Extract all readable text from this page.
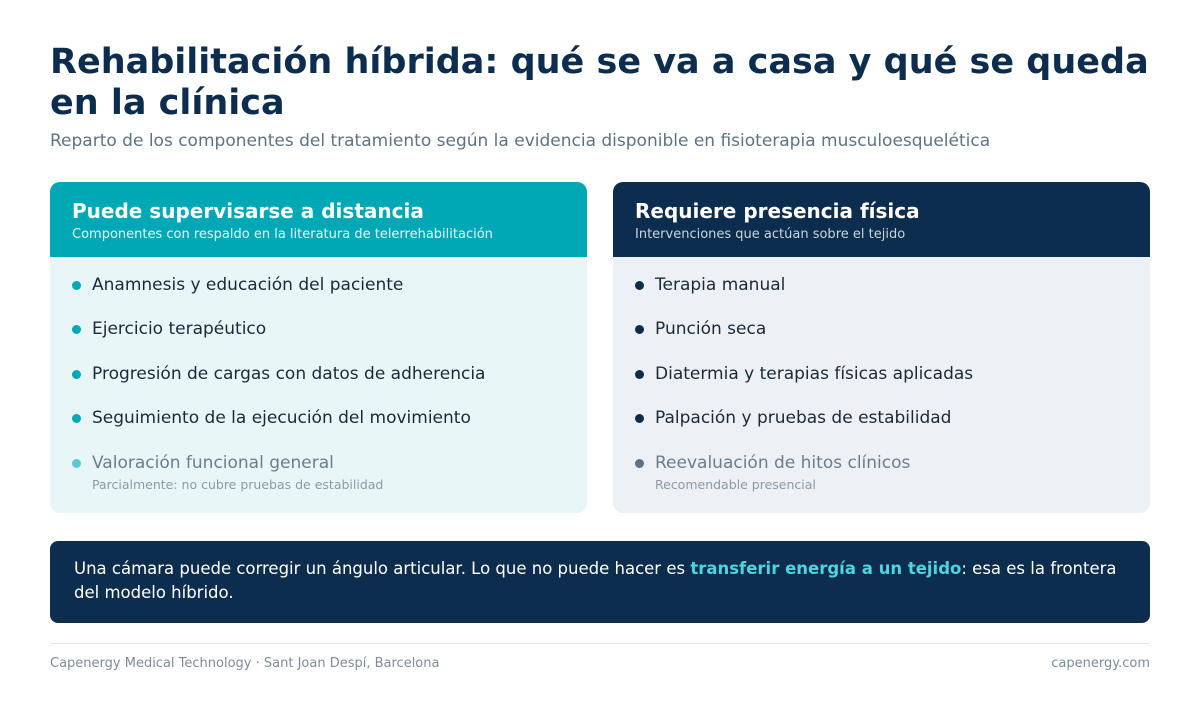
Rehabilitación híbrida: qué se va a casa y qué se queda en la clínica

Reparto de los componentes del tratamiento según la evidencia disponible en fisioterapia musculoesquelética

Puede supervisarse a distancia
Componentes con respaldo en la literatura de telerrehabilitación
Anamnesis y educación del paciente
Ejercicio terapéutico
Progresión de cargas con datos de adherencia
Seguimiento de la ejecución del movimiento
Valoración funcional general
Parcialmente: no cubre pruebas de estabilidad
Requiere presencia física
Intervenciones que actúan sobre el tejido
Terapia manual
Punción seca
Diatermia y terapias físicas aplicadas
Palpación y pruebas de estabilidad
Reevaluación de hitos clínicos
Recomendable presencial
Una cámara puede corregir un ángulo articular. Lo que no puede hacer es transferir energía a un tejido: esa es la frontera del modelo híbrido.
Capenergy Medical Technology · Sant Joan Despí, Barcelona	capenergy.com
